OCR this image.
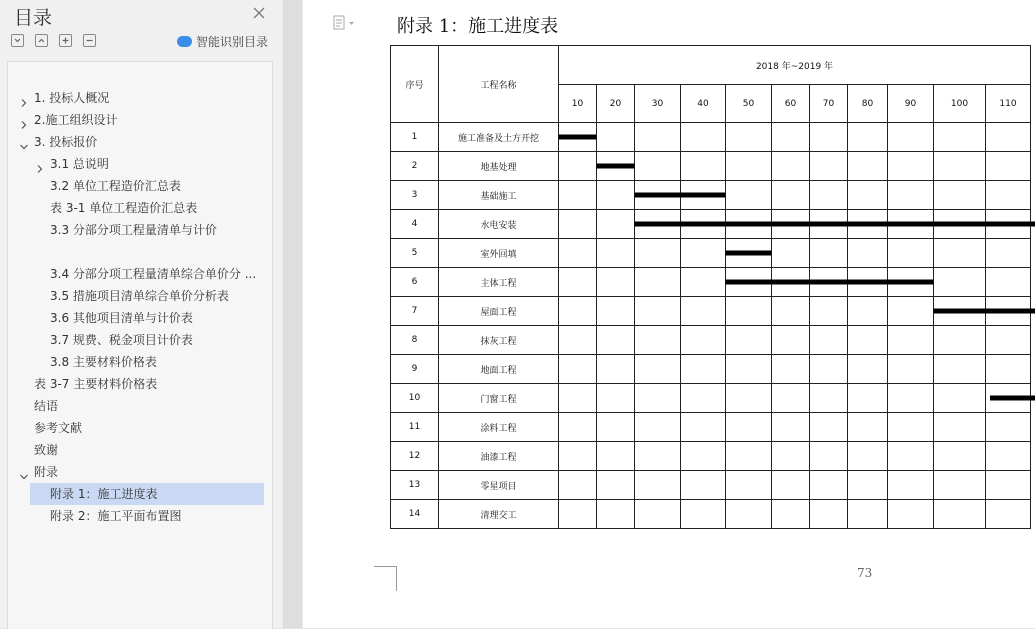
目录
智能识别目录
1. 投标人概况
2.施工组织设计
3. 投标报价
3.1 总说明
3.2 单位工程造价汇总表
表 3-1 单位工程造价汇总表
3.3 分部分项工程量清单与计价
3.4 分部分项工程量清单综合单价分 ...
3.5 措施项目清单综合单价分析表
3.6 其他项目清单与计价表
3.7 规费、税金项目计价表
3.8 主要材料价格表
表 3-7 主要材料价格表
结语
参考文献
致谢
附录
附录 1：施工进度表
附录 2：施工平面布置图
附录 1：施工进度表
序号	工程名称	2018 年~2019 年										
		10	20	30	40	50	60	70	80	90	100	110
1	施工准备及土方开挖											
2	地基处理											
3	基础施工											
4	水电安装											
5	室外回填											
6	主体工程											
7	屋面工程											
8	抹灰工程											
9	地面工程											
10	门窗工程											
11	涂料工程											
12	油漆工程											
13	零星项目											
14	清理交工											
73
